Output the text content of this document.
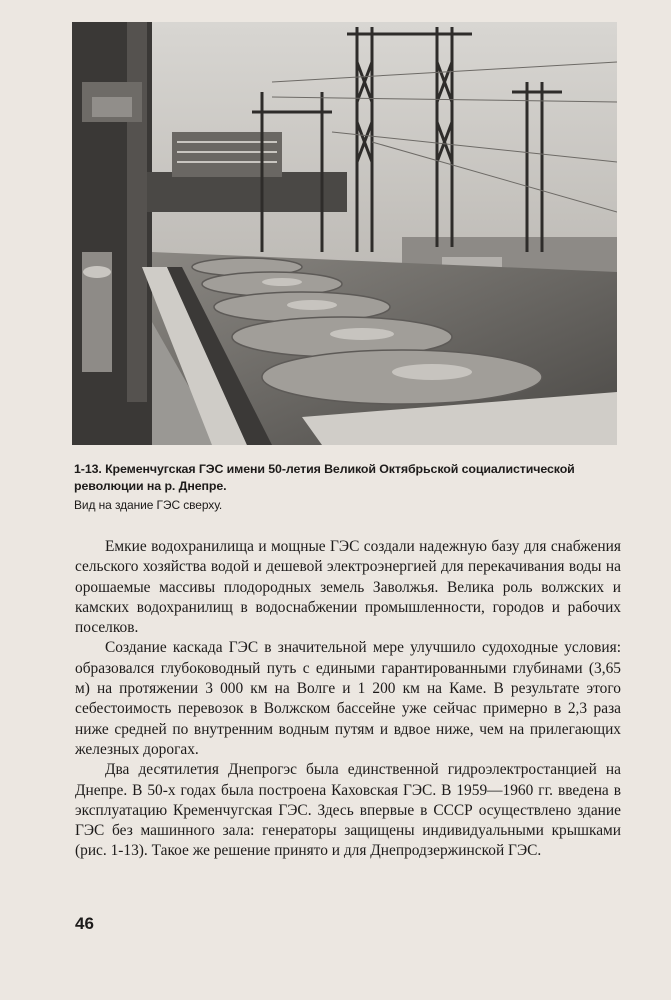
1-13. Кременчугская ГЭС имени 50-летия Великой Октябрьской социалистической революции на р. Днепре.
Вид на здание ГЭС сверху.

Емкие водохранилища и мощные ГЭС создали надежную базу для снабжения сельского хозяйства водой и дешевой электроэнергией для перекачивания воды на орошаемые массивы плодородных земель Заволжья. Велика роль волжских и камских водохранилищ в водоснабжении промышленности, городов и рабочих поселков.

Создание каскада ГЭС в значительной мере улучшило судоходные условия: образовался глубоководный путь с едиными гарантированными глубинами (3,65 м) на протяжении 3 000 км на Волге и 1 200 км на Каме. В результате этого себестоимость перевозок в Волжском бассейне уже сейчас примерно в 2,3 раза ниже средней по внутренним водным путям и вдвое ниже, чем на прилегающих железных дорогах.

Два десятилетия Днепрогэс была единственной гидроэлектростанцией на Днепре. В 50-х годах была построена Каховская ГЭС. В 1959—1960 гг. введена в эксплуатацию Кременчугская ГЭС. Здесь впервые в СССР осуществлено здание ГЭС без машинного зала: генераторы защищены индивидуальными крышками (рис. 1-13). Такое же решение принято и для Днепродзержинской ГЭС.

46
